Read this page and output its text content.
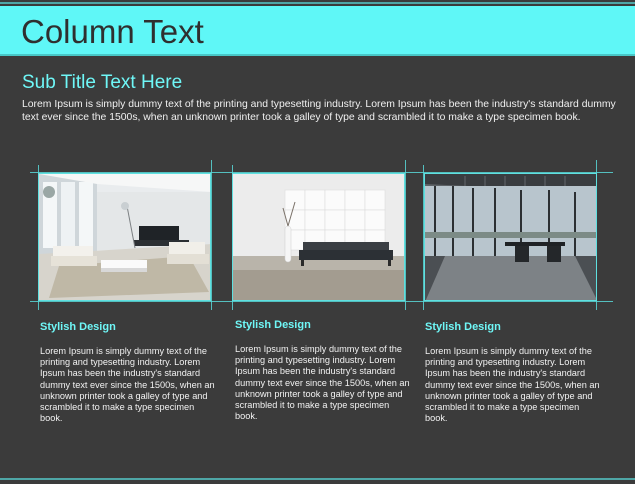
Column Text
Sub Title Text Here
Lorem Ipsum is simply dummy text of the printing and typesetting industry. Lorem Ipsum has been the industry's standard dummy text ever since the 1500s, when an unknown printer took a galley of type and scrambled it to make a type specimen book.
Stylish Design	Stylish Design	Stylish Design
Lorem Ipsum is simply dummy text of the printing and typesetting industry. Lorem Ipsum has been the industry's standard dummy text ever since the 1500s, when an unknown printer took a galley of type and scrambled it to make a type specimen book.
Lorem Ipsum is simply dummy text of the printing and typesetting industry. Lorem Ipsum has been the industry's standard dummy text ever since the 1500s, when an unknown printer took a galley of type and scrambled it to make a type specimen book.
Lorem Ipsum is simply dummy text of the printing and typesetting industry. Lorem Ipsum has been the industry's standard dummy text ever since the 1500s, when an unknown printer took a galley of type and scrambled it to make a type specimen book.
